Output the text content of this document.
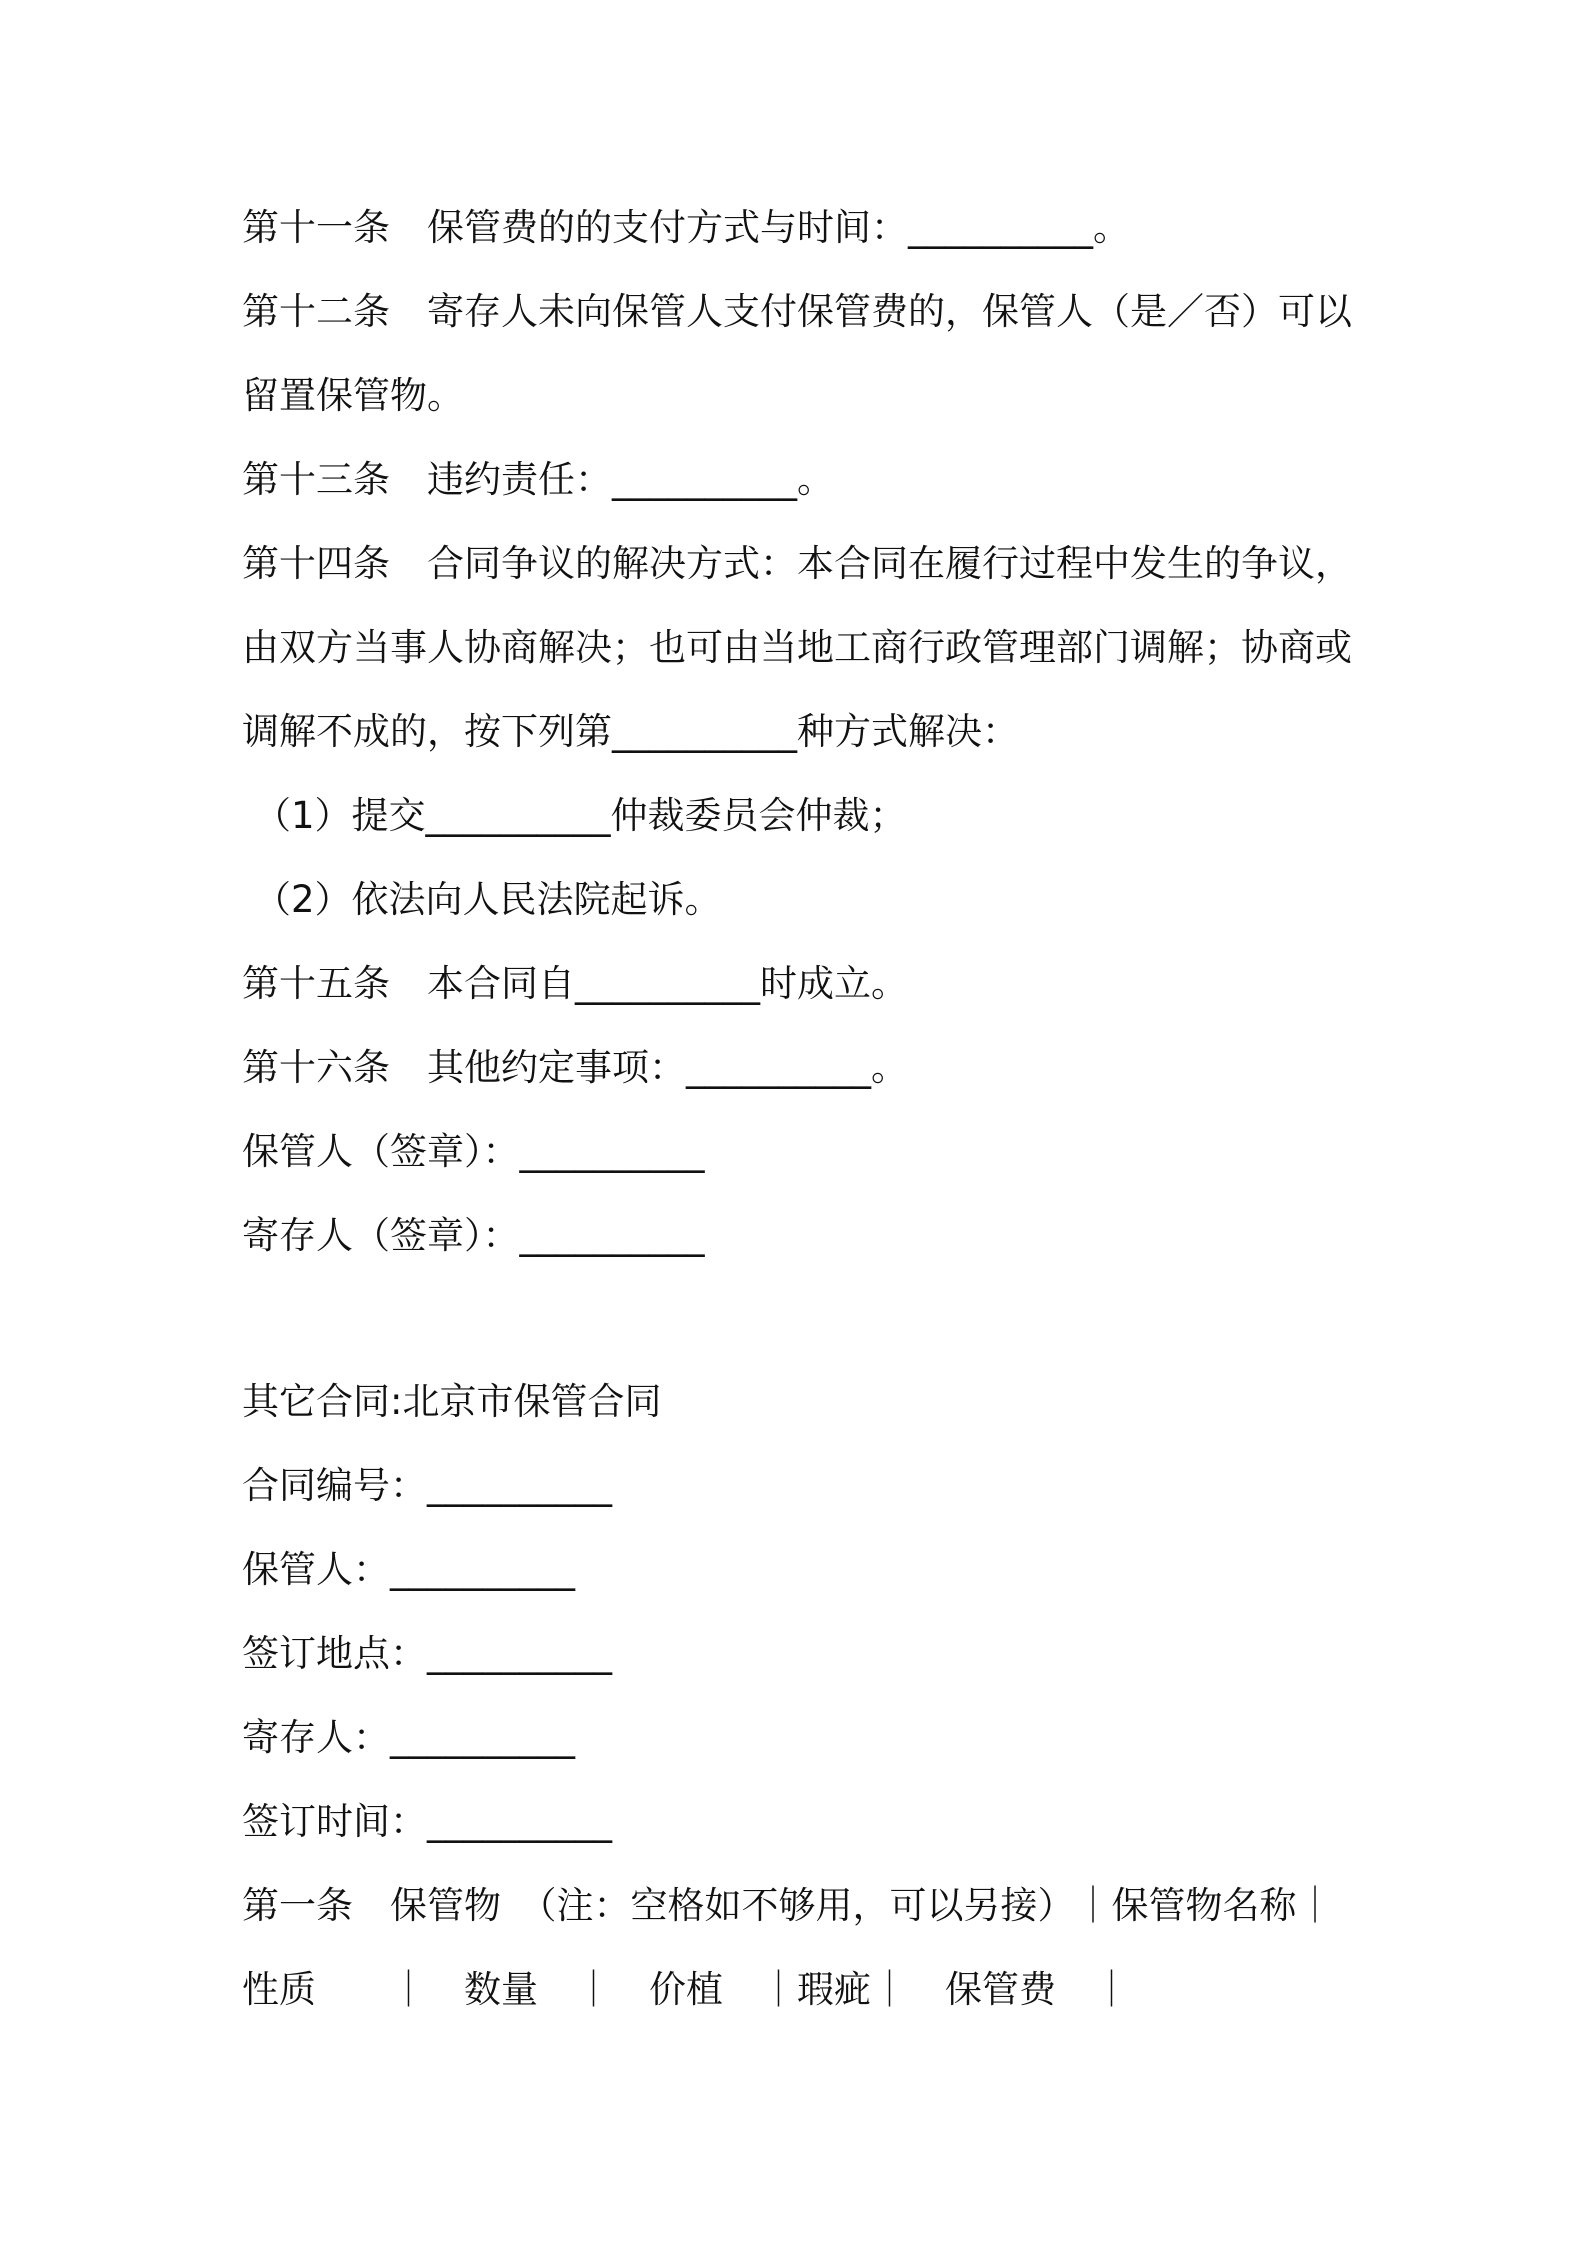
第十一条　保管费的的支付方式与时间：__________。
第十二条　寄存人未向保管人支付保管费的，保管人（是／否）可以
留置保管物。
第十三条　违约责任：__________。
第十四条　合同争议的解决方式：本合同在履行过程中发生的争议，
由双方当事人协商解决；也可由当地工商行政管理部门调解；协商或
调解不成的，按下列第__________种方式解决：
（1）提交__________仲裁委员会仲裁；
（2）依法向人民法院起诉。
第十五条　本合同自__________时成立。
第十六条　其他约定事项：__________。
保管人（签章）：__________
寄存人（签章）：__________
其它合同:北京市保管合同
合同编号：__________
保管人：__________
签订地点：__________
寄存人：__________
签订时间：__________
第一条　保管物　（注：空格如不够用，可以另接）｜保管物名称｜
性质　　｜　数量　｜　价植　｜瑕疵｜　保管费　｜
